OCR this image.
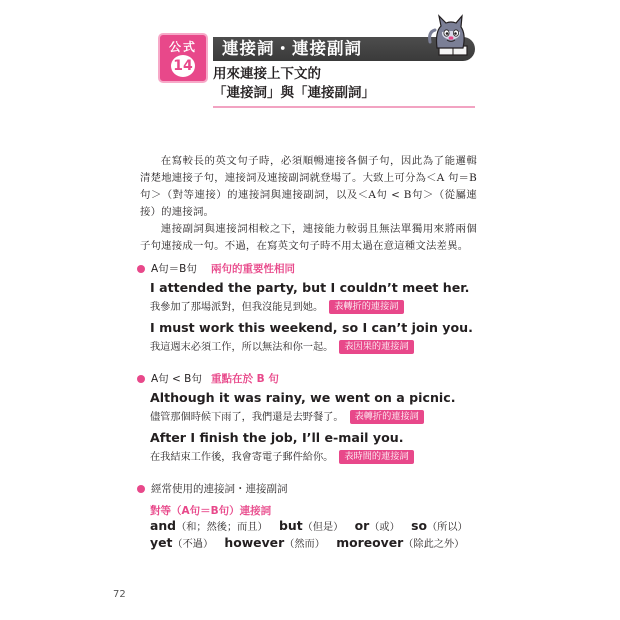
連接詞・連接副詞
公式
14 用來連接上下文的
「連接詞」與「連接副詞」
在寫較長的英文句子時，必須順暢連接各個子句，因此為了能邏輯清楚地連接子句，連接詞及連接副詞就登場了。大致上可分為＜A 句＝B 句＞（對等連接）的連接詞與連接副詞，以及＜A句 < B句＞（從屬連接）的連接詞。
連接副詞與連接詞相較之下，連接能力較弱且無法單獨用來將兩個子句連接成一句。不過，在寫英文句子時不用太過在意這種文法差異。
A句＝B句 兩句的重要性相同
I attended the party, but I couldn’t meet her.
我參加了那場派對，但我沒能見到她。 表轉折的連接詞
I must work this weekend, so I can’t join you.
我這週末必須工作，所以無法和你一起。 表因果的連接詞
A句 < B句 重點在於 B 句
Although it was rainy, we went on a picnic.
儘管那個時候下雨了，我們還是去野餐了。 表轉折的連接詞
After I finish the job, I’ll e-mail you.
在我結束工作後，我會寄電子郵件給你。 表時間的連接詞
經常使用的連接詞・連接副詞
對等（A句＝B句）連接詞
and（和；然後；而且） but（但是） or（或） so（所以）
yet（不過） however（然而） moreover（除此之外）
72
